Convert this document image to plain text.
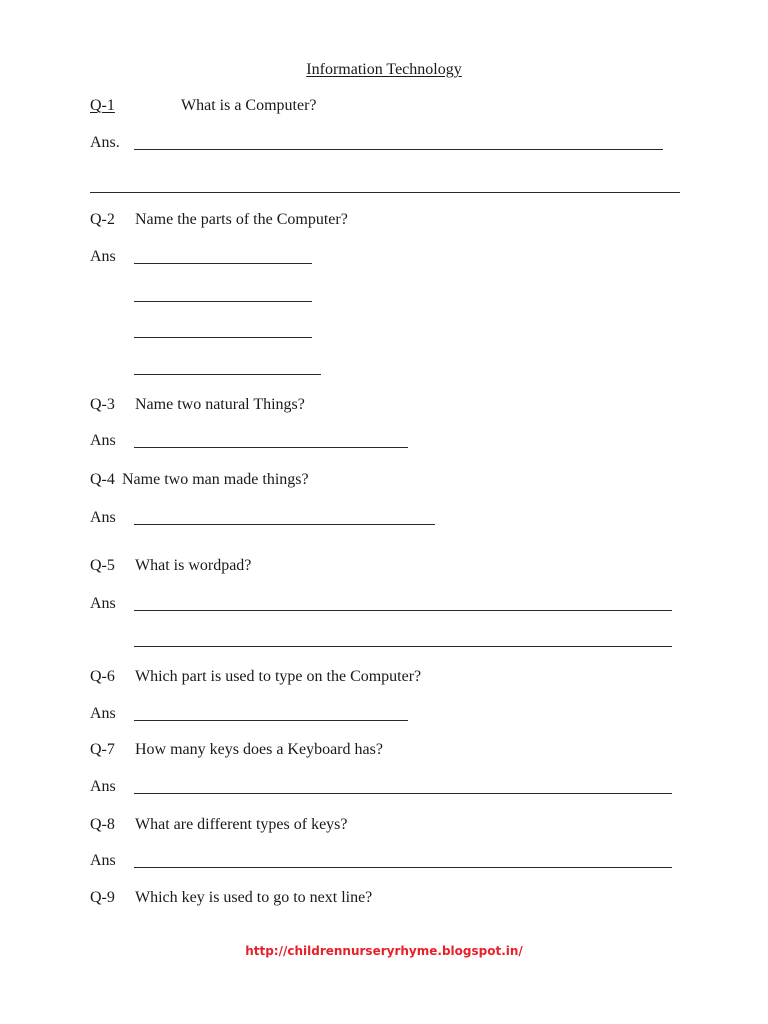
Information Technology
Q-1	What is a Computer?
Ans.
Q-2 Name the parts of the Computer?
Ans
Q-3 Name two natural Things?
Ans
Q-4 Name two man made things?
Ans
Q-5 What is wordpad?
Ans
Q-6 Which part is used to type on the Computer?
Ans
Q-7 How many keys does a Keyboard has?
Ans
Q-8 What are different types of keys?
Ans
Q-9 Which key is used to go to next line?
http://childrennurseryrhyme.blogspot.in/
